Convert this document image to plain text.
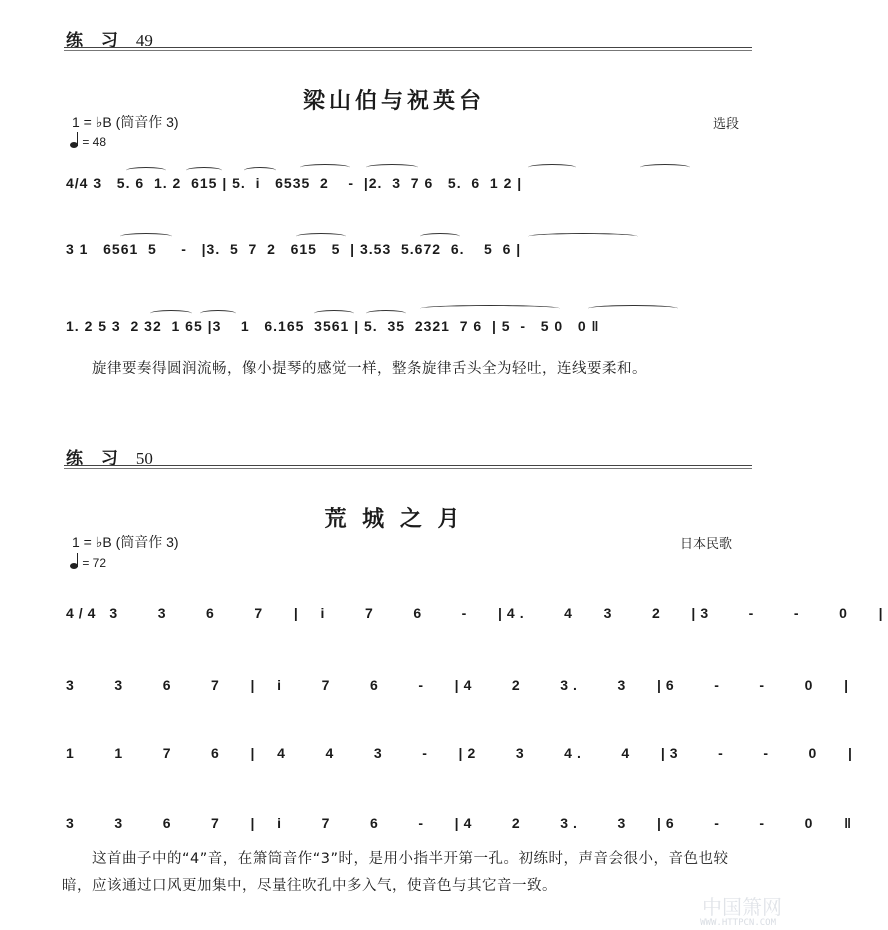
练 习 49
梁山伯与祝英台
1 = ♭B (筒音作 3)	选段
= 48
4/4 3   5. 6  1. 2  615 | 5.  i   6535  2    -  |2.  3  7 6   5.  6  1 2 |
3 1   6561  5     -   |3.  5  7  2   615   5  | 3.53  5.672  6.    5  6 |
1. 2 5 3  2 32  1 65 |3    1   6.165  3561 | 5.  35  2321  7 6  | 5  -   5 0   0 ‖
旋律要奏得圆润流畅，像小提琴的感觉一样，整条旋律舌头全为轻吐，连线要柔和。
练 习 50
荒 城 之 月
1 = ♭B (筒音作 3)	日本民歌
= 72
4/4 3    3    6    7   |  i    7    6    -   |4.    4   3    2   |3    -    -    0   |
3    3    6    7   |  i    7    6    -   |4    2    3.    3   |6    -    -    0   |
1    1    7    6   |  4    4    3    -   |2    3    4.    4   |3    -    -    0   |
3    3    6    7   |  i    7    6    -   |4    2    3.    3   |6    -    -    0   ‖
这首曲子中的“4”音，在箫筒音作“3”时，是用小指半开第一孔。初练时，声音会很小，音色也较暗，应该通过口风更加集中，尽量往吹孔中多入气，使音色与其它音一致。
中国箫网
WWW.HTTPCN.COM
